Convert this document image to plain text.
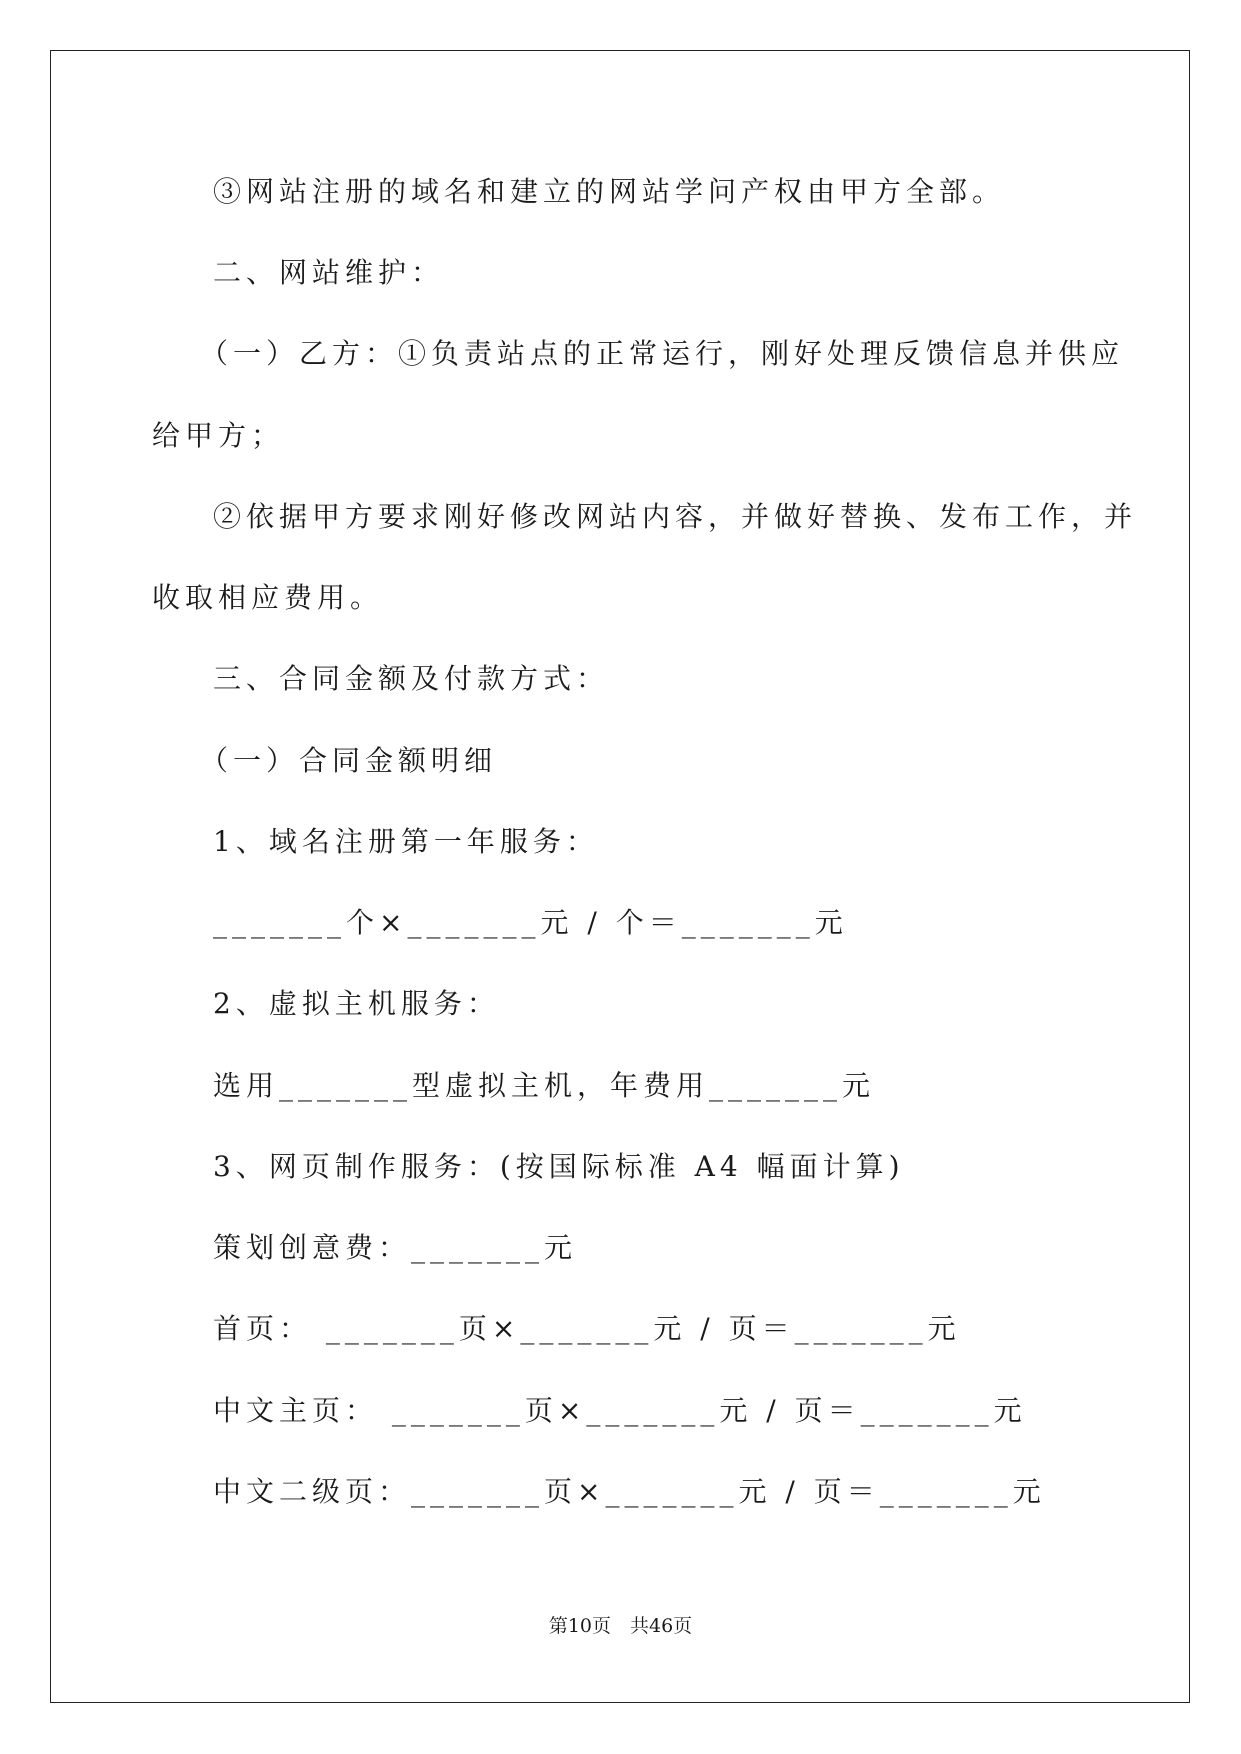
③网站注册的域名和建立的网站学问产权由甲方全部。
二、网站维护：
（一）乙方：①负责站点的正常运行，刚好处理反馈信息并供应
给甲方；
②依据甲方要求刚好修改网站内容，并做好替换、发布工作，并
收取相应费用。
三、合同金额及付款方式：
（一）合同金额明细
1、域名注册第一年服务：
_______个×_______元 / 个＝_______元
2、虚拟主机服务：
选用_______型虚拟主机，年费用_______元
3、网页制作服务：(按国际标准 A4 幅面计算)
策划创意费：_______元
首页： _______页×_______元 / 页＝_______元
中文主页： _______页×_______元 / 页＝_______元
中文二级页：_______页×_______元 / 页＝_______元
第10页　共46页
